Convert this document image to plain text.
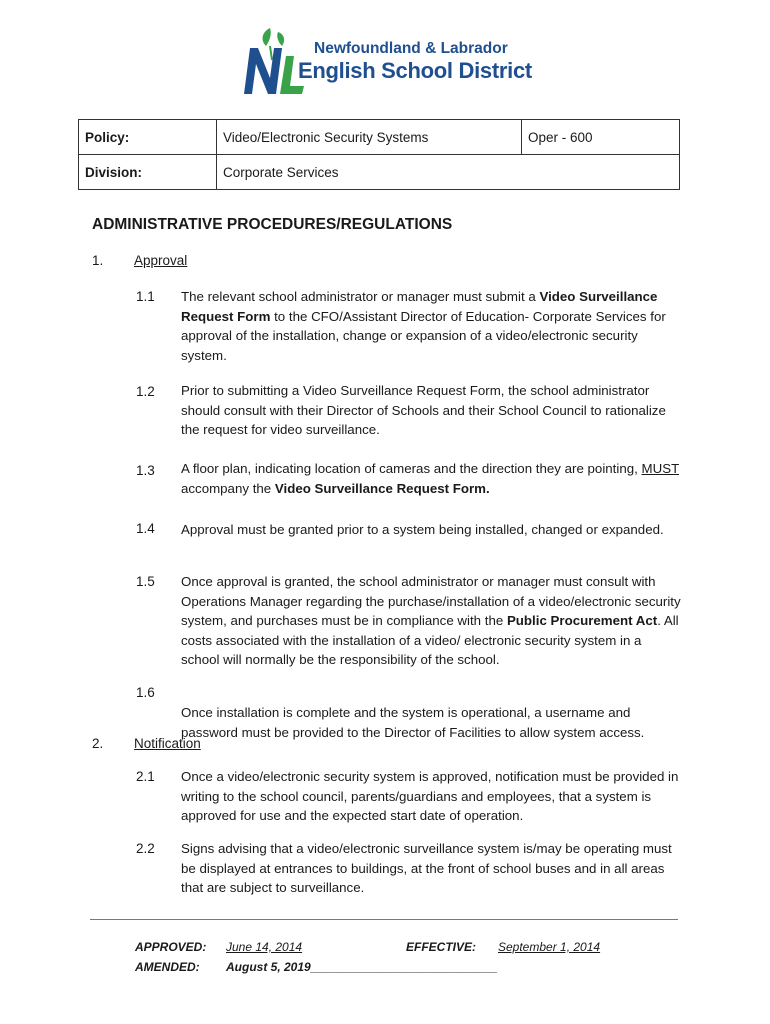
Newfoundland & Labrador
English School District
Policy:	Video/Electronic Security Systems	Oper - 600
Division:	Corporate Services	
ADMINISTRATIVE PROCEDURES/REGULATIONS
1. Approval
1.1 The relevant school administrator or manager must submit a Video Surveillance Request Form to the CFO/Assistant Director of Education- Corporate Services for approval of the installation, change or expansion of a video/electronic security system.
1.2 Prior to submitting a Video Surveillance Request Form, the school administrator should consult with their Director of Schools and their School Council to rationalize the request for video surveillance.
1.3 A floor plan, indicating location of cameras and the direction they are pointing, MUST accompany the Video Surveillance Request Form.
1.4 Approval must be granted prior to a system being installed, changed or expanded.
1.5 Once approval is granted, the school administrator or manager must consult with Operations Manager regarding the purchase/installation of a video/electronic security system, and purchases must be in compliance with the Public Procurement Act. All costs associated with the installation of a video/ electronic security system in a school will normally be the responsibility of the school.
1.6
Once installation is complete and the system is operational, a username and password must be provided to the Director of Facilities to allow system access.
2. Notification
2.1 Once a video/electronic security system is approved, notification must be provided in writing to the school council, parents/guardians and employees, that a system is approved for use and the expected start date of operation.
2.2 Signs advising that a video/electronic surveillance system is/may be operating must be displayed at entrances to buildings, at the front of school buses and in all areas that are subject to surveillance.
APPROVED: June 14, 2014	EFFECTIVE: September 1, 2014
AMENDED: August 5, 2019____________________________
